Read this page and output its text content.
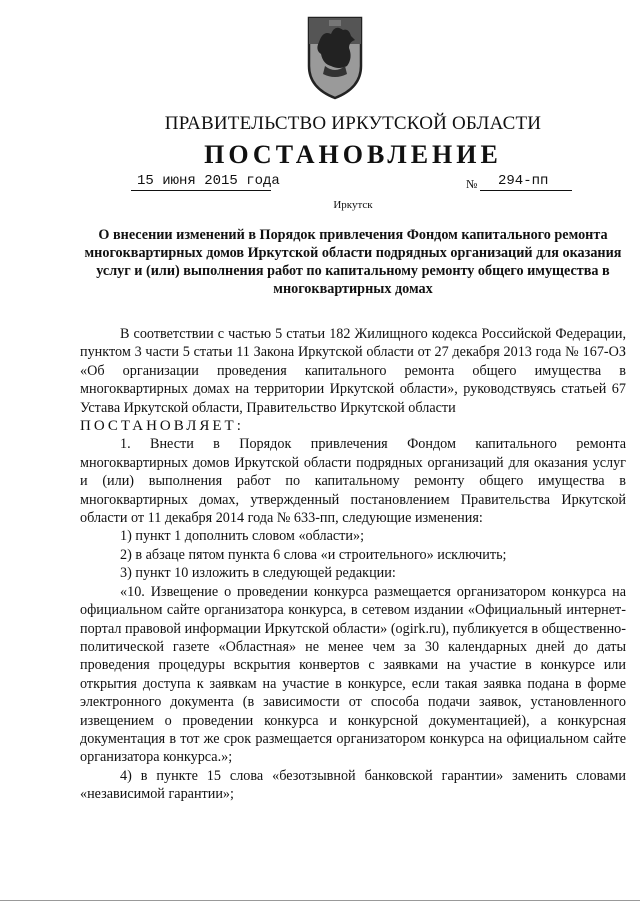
ПРАВИТЕЛЬСТВО ИРКУТСКОЙ ОБЛАСТИ
ПОСТАНОВЛЕНИЕ
15 июня 2015 года	№ 294-пп
Иркутск
О внесении изменений в Порядок привлечения Фондом капитального ремонта многоквартирных домов Иркутской области подрядных организаций для оказания услуг и (или) выполнения работ по капитальному ремонту общего имущества в многоквартирных домах

В соответствии с частью 5 статьи 182 Жилищного кодекса Российской Федерации, пунктом 3 части 5 статьи 11 Закона Иркутской области от 27 декабря 2013 года № 167-ОЗ «Об организации проведения капитального ремонта общего имущества в многоквартирных домах на территории Иркутской области», руководствуясь статьей 67 Устава Иркутской области, Правительство Иркутской области

ПОСТАНОВЛЯЕТ:

1. Внести в Порядок привлечения Фондом капитального ремонта многоквартирных домов Иркутской области подрядных организаций для оказания услуг и (или) выполнения работ по капитальному ремонту общего имущества в многоквартирных домах, утвержденный постановлением Правительства Иркутской области от 11 декабря 2014 года № 633-пп, следующие изменения:

1) пункт 1 дополнить словом «области»;

2) в абзаце пятом пункта 6 слова «и строительного» исключить;

3) пункт 10 изложить в следующей редакции:

«10. Извещение о проведении конкурса размещается организатором конкурса на официальном сайте организатора конкурса, в сетевом издании «Официальный интернет-портал правовой информации Иркутской области» (ogirk.ru), публикуется в общественно-политической газете «Областная» не менее чем за 30 календарных дней до даты проведения процедуры вскрытия конвертов с заявками на участие в конкурсе или открытия доступа к заявкам на участие в конкурсе, если такая заявка подана в форме электронного документа (в зависимости от способа подачи заявок, установленного извещением о проведении конкурса и конкурсной документацией), а конкурсная документация в тот же срок размещается организатором конкурса на официальном сайте организатора конкурса.»;

4) в пункте 15 слова «безотзывной банковской гарантии» заменить словами «независимой гарантии»;
